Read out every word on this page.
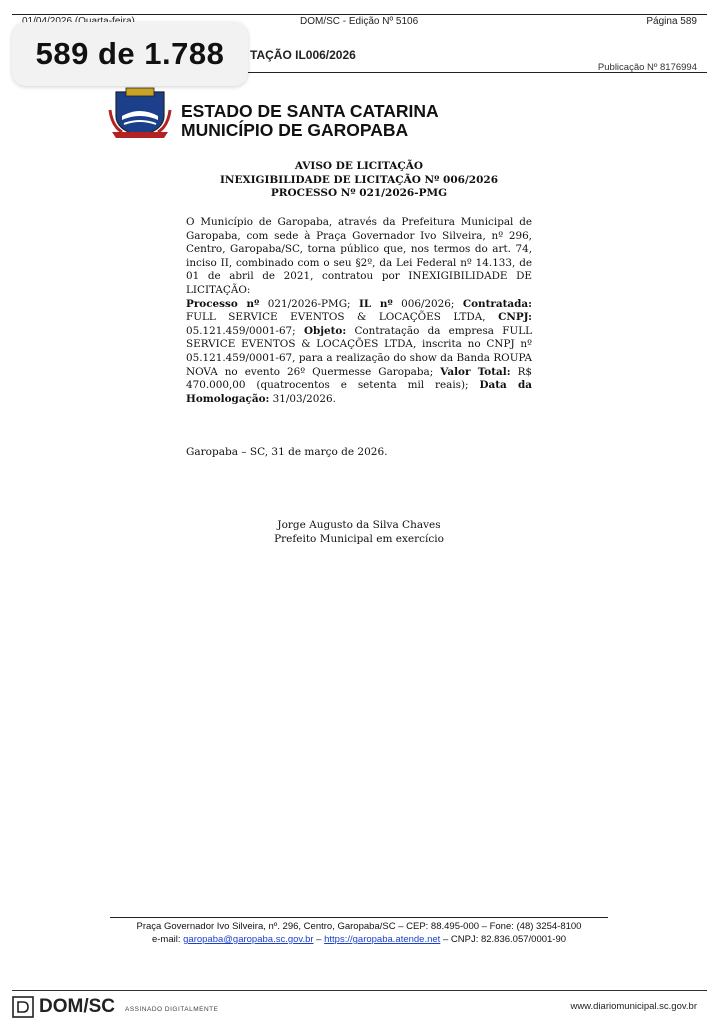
DOM/SC - Edição Nº 5106	Página 589
TAÇÃO IL006/2026
Publicação Nº 8176994
589 de 1.788
ESTADO DE SANTA CATARINA
MUNICÍPIO DE GAROPABA
AVISO DE LICITAÇÃO
INEXIGIBILIDADE DE LICITAÇÃO Nº 006/2026
PROCESSO Nº 021/2026-PMG

O Município de Garopaba, através da Prefeitura Municipal de Garopaba, com sede à Praça Governador Ivo Silveira, nº 296, Centro, Garopaba/SC, torna público que, nos termos do art. 74, inciso II, combinado com o seu §2º, da Lei Federal nº 14.133, de 01 de abril de 2021, contratou por INEXIGIBILIDADE DE LICITAÇÃO:

Processo nº 021/2026-PMG; IL nº 006/2026; Contratada: FULL SERVICE EVENTOS & LOCAÇÕES LTDA, CNPJ: 05.121.459/0001-67; Objeto: Contratação da empresa FULL SERVICE EVENTOS & LOCAÇÕES LTDA, inscrita no CNPJ nº 05.121.459/0001-67, para a realização do show da Banda ROUPA NOVA no evento 26º Quermesse Garopaba; Valor Total: R$ 470.000,00 (quatrocentos e setenta mil reais); Data da Homologação: 31/03/2026.

Garopaba – SC, 31 de março de 2026.
Jorge Augusto da Silva Chaves
Prefeito Municipal em exercício
Praça Governador Ivo Silveira, nº. 296, Centro, Garopaba/SC – CEP: 88.495-000 – Fone: (48) 3254-8100
e-mail: garopaba@garopaba.sc.gov.br – https://garopaba.atende.net – CNPJ: 82.836.057/0001-90
DOM/SC ASSINADO DIGITALMENTE	www.diariomunicipal.sc.gov.br
